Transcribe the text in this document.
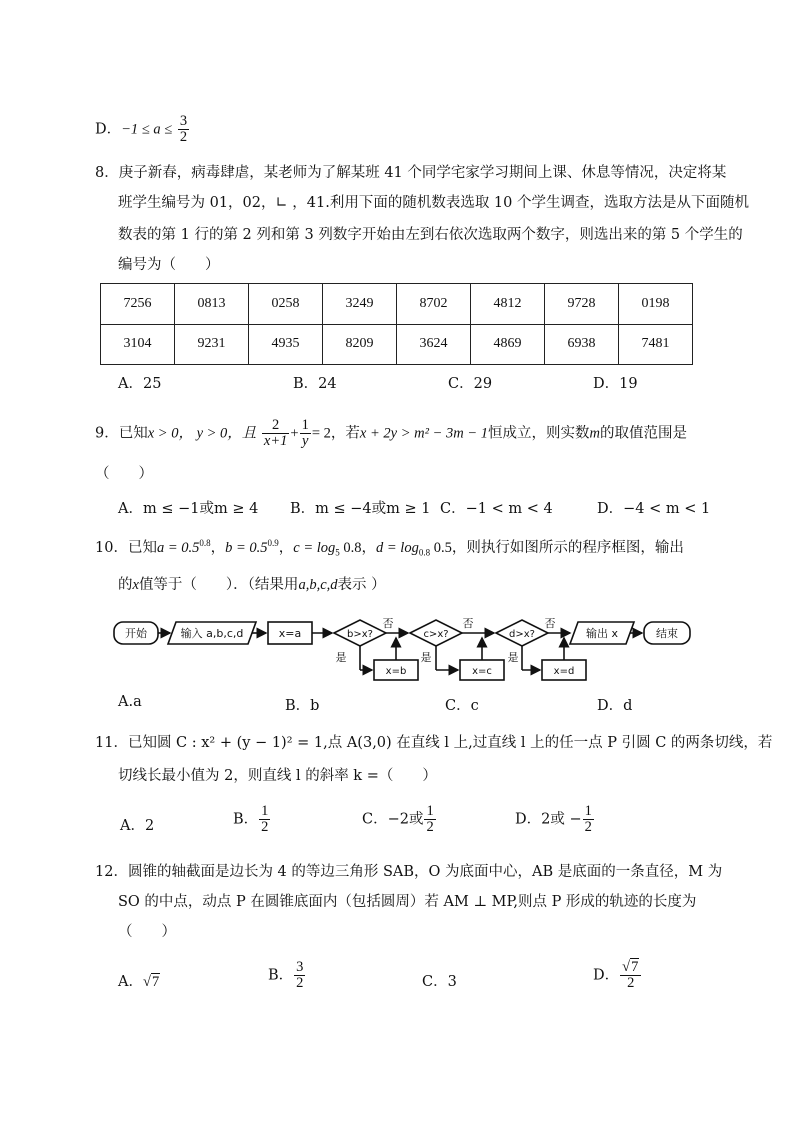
D．$-1 \le a \le \frac{3}{2}$
8．庚子新春，病毒肆虐，某老师为了解某班 41 个同学宅家学习期间上课、休息等情况，决定将某
班学生编号为 01，02，∟ ，41.利用下面的随机数表选取 10 个学生调查，选取方法是从下面随机
数表的第 1 行的第 2 列和第 3 列数字开始由左到右依次选取两个数字，则选出来的第 5 个学生的
编号为（　　）
7256	0813	0258	3249	8702	4812	9728	0198
3104	9231	4935	8209	3624	4869	6938	7481
A．25	B．24	C．29	D．19
9．已知x > 0， y > 0，且 $\frac{2}{x+1} + \frac{1}{y} = 2$，若x + 2y > m² − 3m − 1恒成立，则实数m的取值范围是
（　　）
A．m ≤ −1或m ≥ 4 B．m ≤ −4或m ≥ 1 C．−1 < m < 4	D．−4 < m < 1
10．已知$a = 0.5^{0.8}$，$b = 0.5^{0.9}$，$c = \log_5 0.8$，$d = \log_{0.8} 0.5$，则执行如图所示的程序框图，输出
的x值等于（　　）．（结果用a,b,c,d表示 ）
开始	输入 a,b,c,d	x=a	b>x?	c>x?	d>x?
x=b	x=c	x=d
输出 x	结束
否	否	否
是	是	是
A.a	B．b	C．c	D．d
11．已知圆 C : x² + (y − 1)² = 1,点 A(3,0) 在直线 l 上,过直线 l 上的任一点 P 引圆 C 的两条切线，若
切线长最小值为 2，则直线 l 的斜率 k =（　　）
A．2	B． $\frac{1}{2}$	C．−2或 $\frac{1}{2}$	D．2或 − $\frac{1}{2}$
12．圆锥的轴截面是边长为 4 的等边三角形 SAB，O 为底面中心，AB 是底面的一条直径，M 为
SO 的中点，动点 P 在圆锥底面内（包括圆周）若 AM ⊥ MP,则点 P 形成的轨迹的长度为
（　　）
A．√7	B． $\frac{3}{2}$	C．3	D． $\frac{√7}{2}$
